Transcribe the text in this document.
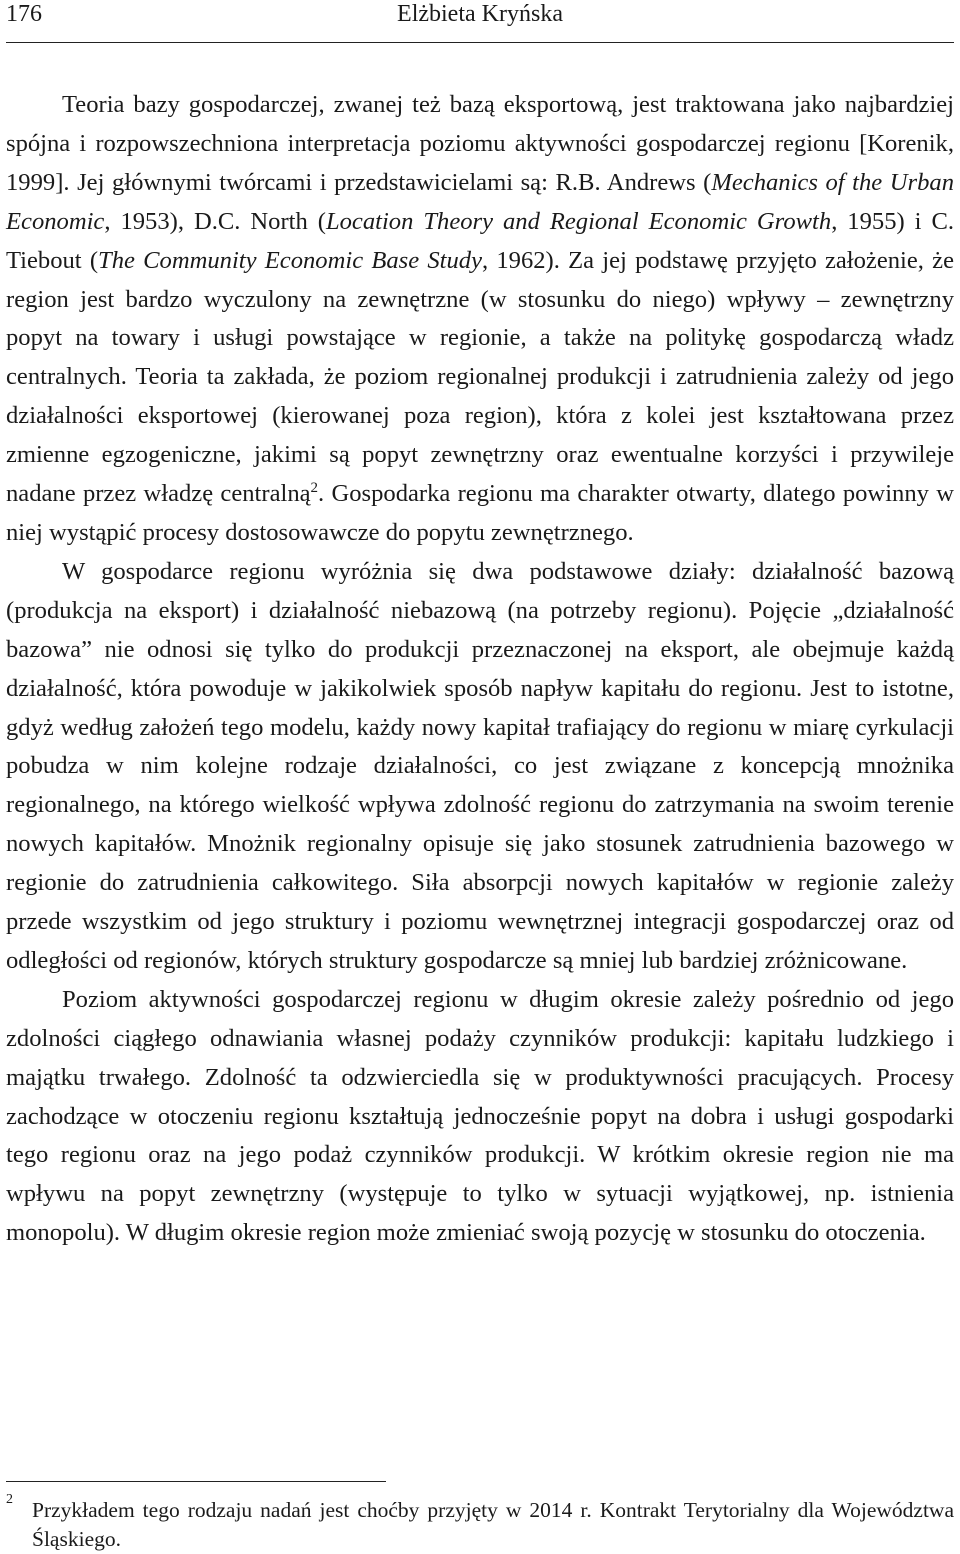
176	Elżbieta Kryńska

Teoria bazy gospodarczej, zwanej też bazą eksportową, jest traktowana jako najbardziej spójna i rozpowszechniona interpretacja poziomu aktywności gospodarczej regionu [Korenik, 1999]. Jej głównymi twórcami i przedstawicielami są: R.B. Andrews (Mechanics of the Urban Economic, 1953), D.C. North (Location Theory and Regional Economic Growth, 1955) i C. Tiebout (The Community Economic Base Study, 1962). Za jej podstawę przyjęto założenie, że region jest bardzo wyczulony na zewnętrzne (w stosunku do niego) wpływy – zewnętrzny popyt na towary i usługi powstające w regionie, a także na politykę gospodarczą władz centralnych. Teoria ta zakłada, że poziom regionalnej produkcji i zatrudnienia zależy od jego działalności eksportowej (kierowanej poza region), która z kolei jest kształtowana przez zmienne egzogeniczne, jakimi są popyt zewnętrzny oraz ewentualne korzyści i przywileje nadane przez władzę centralną$^2$. Gospodarka regionu ma charakter otwarty, dlatego powinny w niej wystąpić procesy dostosowawcze do popytu zewnętrznego.

W gospodarce regionu wyróżnia się dwa podstawowe działy: działalność bazową (produkcja na eksport) i działalność niebazową (na potrzeby regionu). Pojęcie „działalność bazowa” nie odnosi się tylko do produkcji przeznaczonej na eksport, ale obejmuje każdą działalność, która powoduje w jakikolwiek sposób napływ kapitału do regionu. Jest to istotne, gdyż według założeń tego modelu, każdy nowy kapitał trafiający do regionu w miarę cyrkulacji pobudza w nim kolejne rodzaje działalności, co jest związane z koncepcją mnożnika regionalnego, na którego wielkość wpływa zdolność regionu do zatrzymania na swoim terenie nowych kapitałów. Mnożnik regionalny opisuje się jako stosunek zatrudnienia bazowego w regionie do zatrudnienia całkowitego. Siła absorpcji nowych kapitałów w regionie zależy przede wszystkim od jego struktury i poziomu wewnętrznej integracji gospodarczej oraz od odległości od regionów, których struktury gospodarcze są mniej lub bardziej zróżnicowane.

Poziom aktywności gospodarczej regionu w długim okresie zależy pośrednio od jego zdolności ciągłego odnawiania własnej podaży czynników produkcji: kapitału ludzkiego i majątku trwałego. Zdolność ta odzwierciedla się w produktywności pracujących. Procesy zachodzące w otoczeniu regionu kształtują jednocześnie popyt na dobra i usługi gospodarki tego regionu oraz na jego podaż czynników produkcji. W krótkim okresie region nie ma wpływu na popyt zewnętrzny (występuje to tylko w sytuacji wyjątkowej, np. istnienia monopolu). W długim okresie region może zmieniać swoją pozycję w stosunku do otoczenia.

2 Przykładem tego rodzaju nadań jest choćby przyjęty w 2014 r. Kontrakt Terytorialny dla Województwa Śląskiego.
